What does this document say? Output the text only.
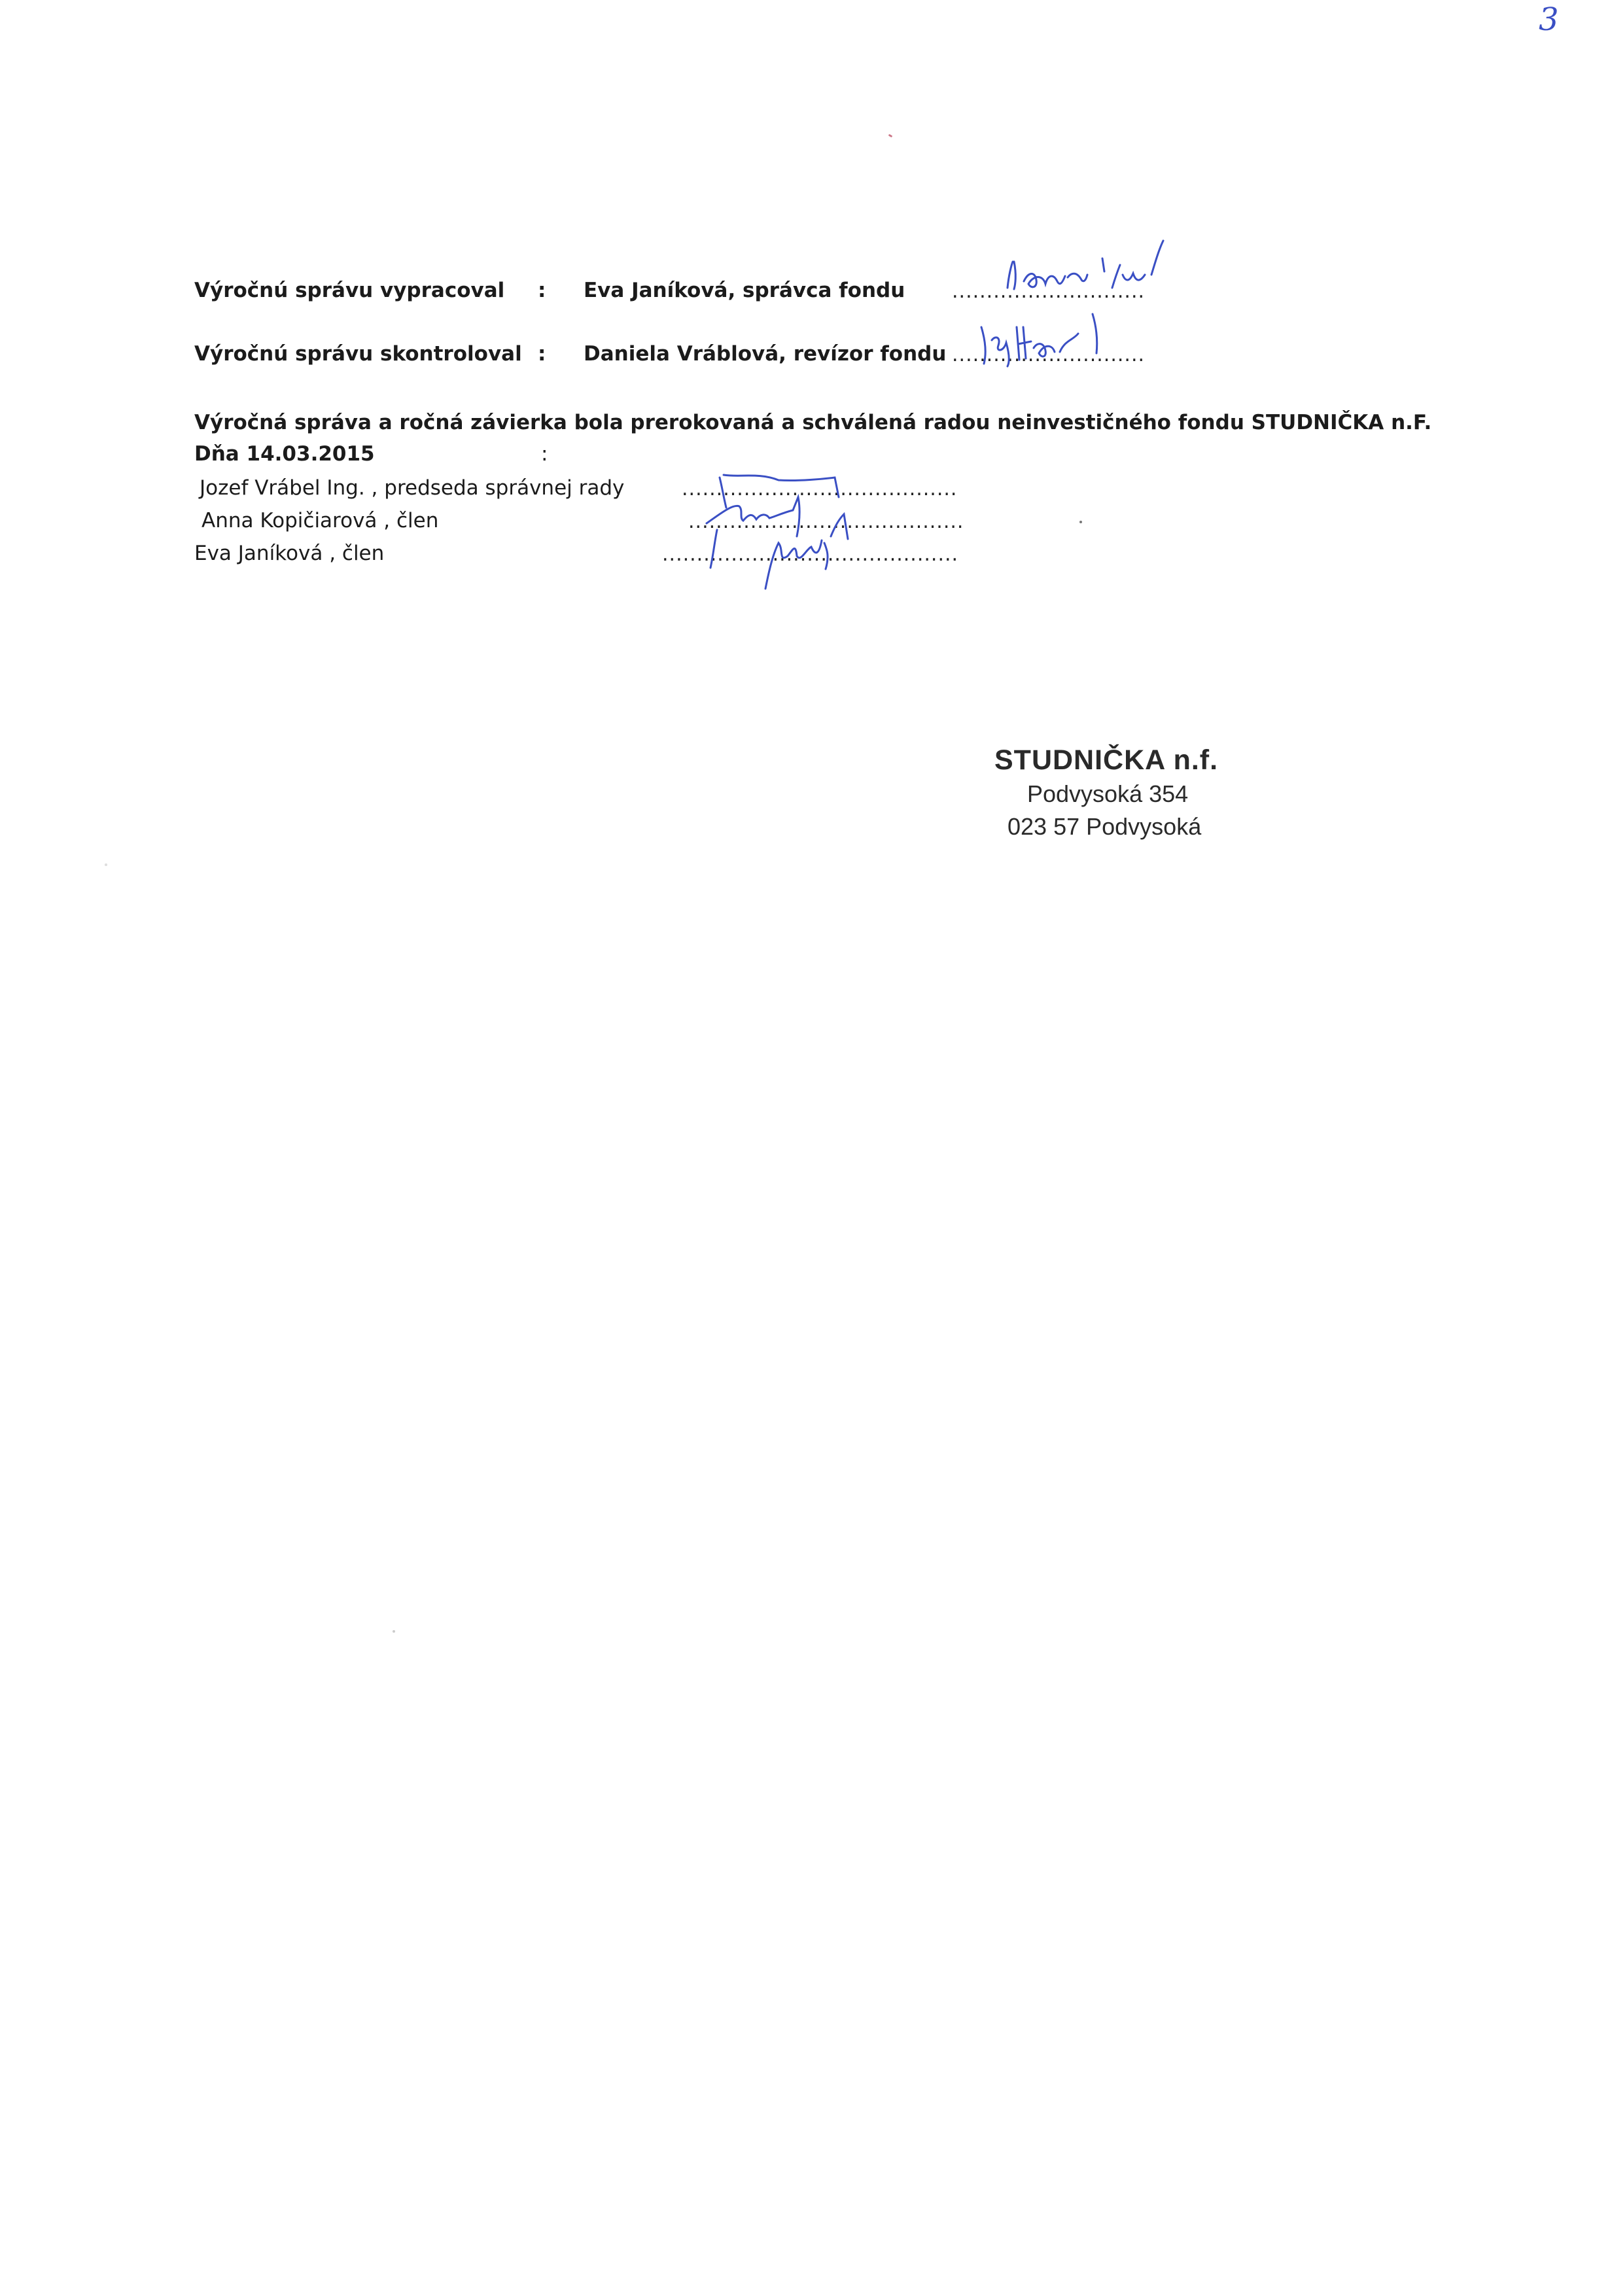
3
Výročnú správu vypracoval : Eva Janíková, správca fondu ............................
Výročnú správu skontroloval : Daniela Vráblová, revízor fondu ............................
Výročná správa a ročná závierka bola prerokovaná a schválená radou neinvestičného fondu STUDNIČKA n.F.
Dňa 14.03.2015	:
Jozef Vrábel Ing. , predseda správnej rady	........................................
Anna Kopičiarová , člen	........................................
Eva Janíková , člen	...........................................
STUDNIČKA n.f.
Podvysoká 354
023 57 Podvysoká
